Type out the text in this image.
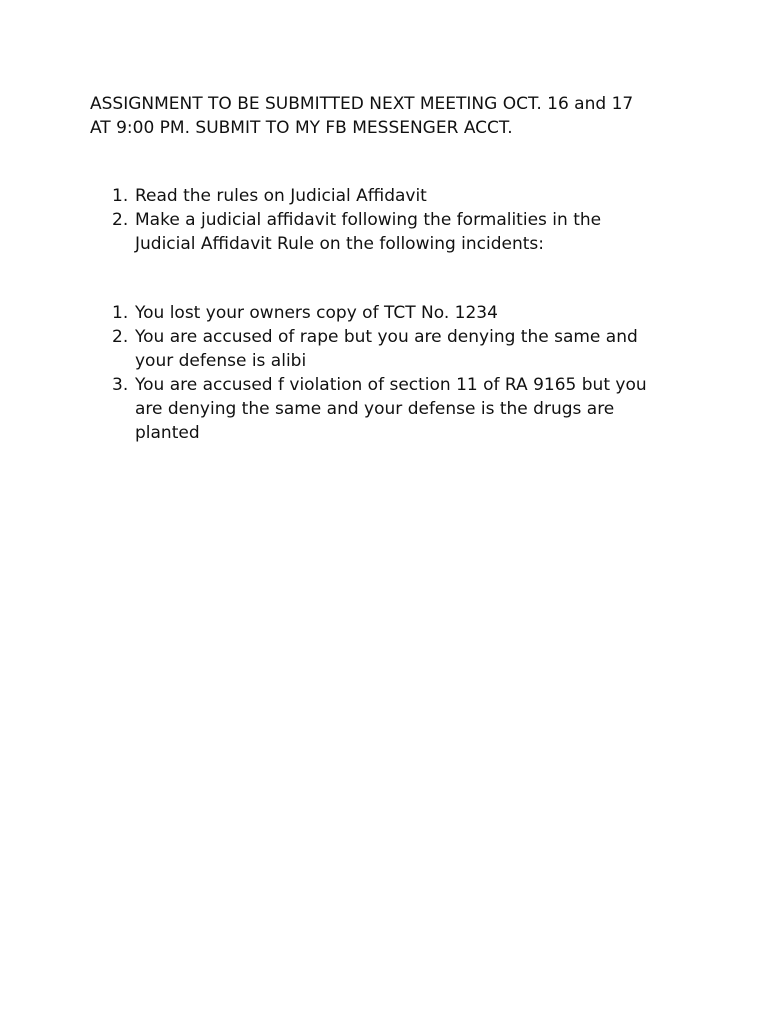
ASSIGNMENT TO BE SUBMITTED NEXT MEETING OCT. 16 and 17
AT 9:00 PM. SUBMIT TO MY FB MESSENGER ACCT.

1. Read the rules on Judicial Affidavit
2. Make a judicial affidavit following the formalities in the
Judicial Affidavit Rule on the following incidents:
1. You lost your owners copy of TCT No. 1234
2. You are accused of rape but you are denying the same and
your defense is alibi
3. You are accused f violation of section 11 of RA 9165 but you
are denying the same and your defense is the drugs are
planted
